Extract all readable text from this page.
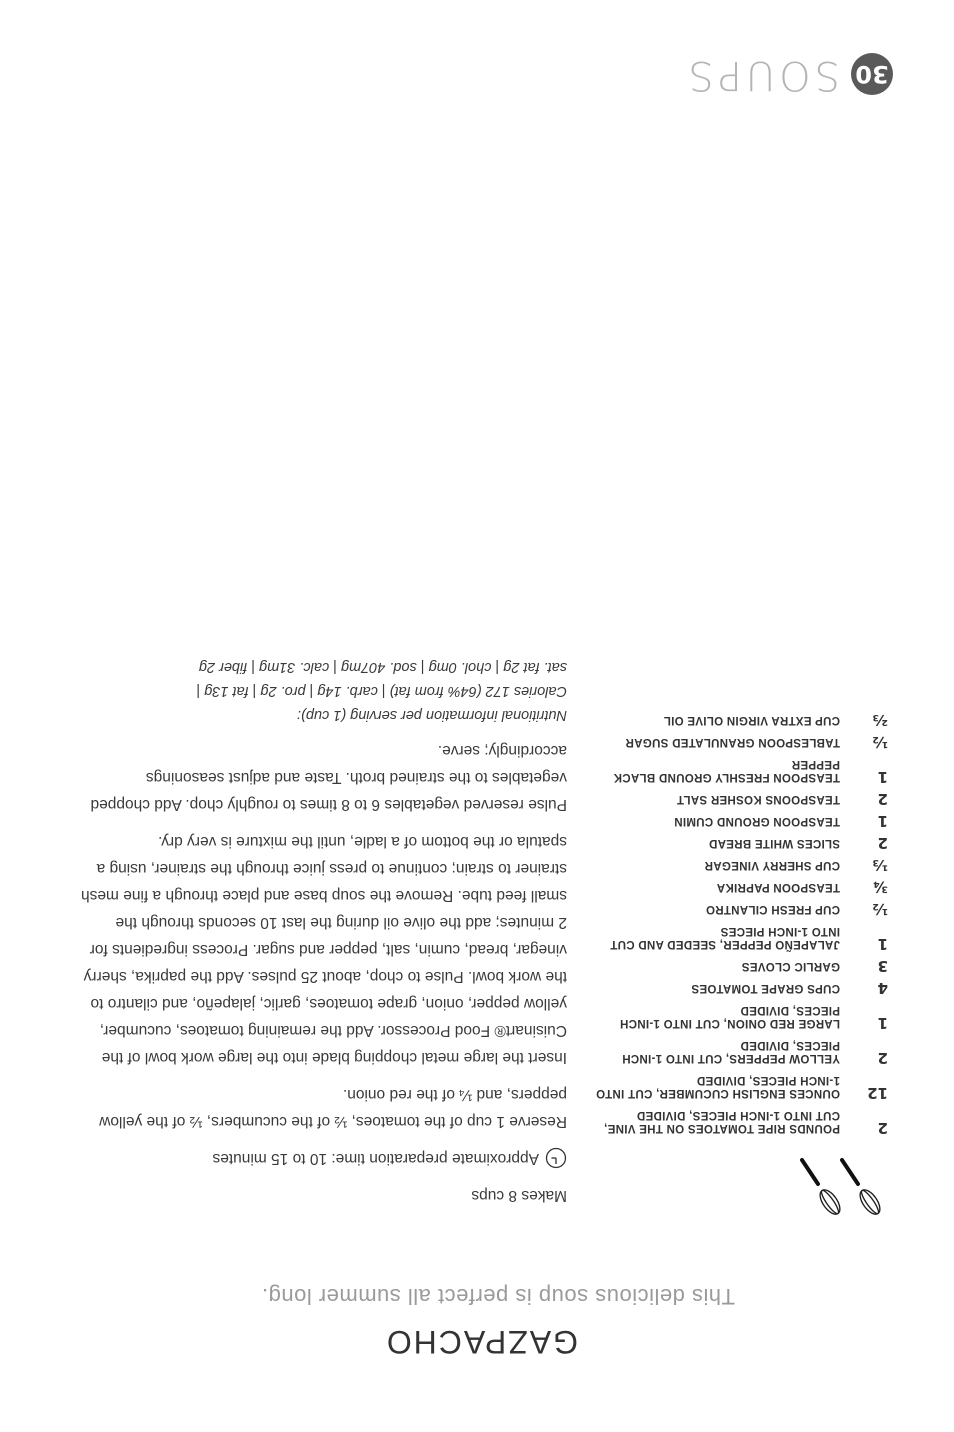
30
SOUPS
GAZPACHO
This delicious soup is perfect all summer long.
2
POUNDS RIPE TOMATOES ON THE VINE, CUT INTO 1-INCH PIECES, DIVIDED
12
OUNCES ENGLISH CUCUMBER, CUT INTO 1-INCH PIECES, DIVIDED
2
YELLOW PEPPERS, CUT INTO 1-INCH PIECES, DIVIDED
1
LARGE RED ONION, CUT INTO 1-INCH PIECES, DIVIDED
4
CUPS GRAPE TOMATOES
3
GARLIC CLOVES
1
JALAPEÑO PEPPER, SEEDED AND CUT INTO 1-INCH PIECES
½
CUP FRESH CILANTRO
¾
TEASPOON PAPRIKA
⅓
CUP SHERRY VINEGAR
2
SLICES WHITE BREAD
1
TEASPOON GROUND CUMIN
2
TEASPOONS KOSHER SALT
1
TEASPOON FRESHLY GROUND BLACK PEPPER
½
TABLESPOON GRANULATED SUGAR
⅔
CUP EXTRA VIRGIN OLIVE OIL

Makes 8 cups

Approximate preparation time: 10 to 15 minutes

Reserve 1 cup of the tomatoes, ½ of the cucumbers, ½ of the yellow peppers, and ¼ of the red onion.

Insert the large metal chopping blade into the large work bowl of the Cuisinart® Food Processor. Add the remaining tomatoes, cucumber, yellow pepper, onion, grape tomatoes, garlic, jalapeño, and cilantro to the work bowl. Pulse to chop, about 25 pulses. Add the paprika, sherry vinegar, bread, cumin, salt, pepper and sugar. Process ingredients for 2 minutes; add the olive oil during the last 10 seconds through the small feed tube. Remove the soup base and place through a fine mesh strainer to strain; continue to press juice through the strainer, using a spatula or the bottom of a ladle, until the mixture is very dry.

Pulse reserved vegetables 6 to 8 times to roughly chop. Add chopped vegetables to the strained broth. Taste and adjust seasonings accordingly; serve.

Nutritional information per serving (1 cup):
Calories 172 (64% from fat) | carb. 14g | pro. 2g | fat 13g |
sat. fat 2g | chol. 0mg | sod. 407mg | calc. 31mg | fiber 2g
